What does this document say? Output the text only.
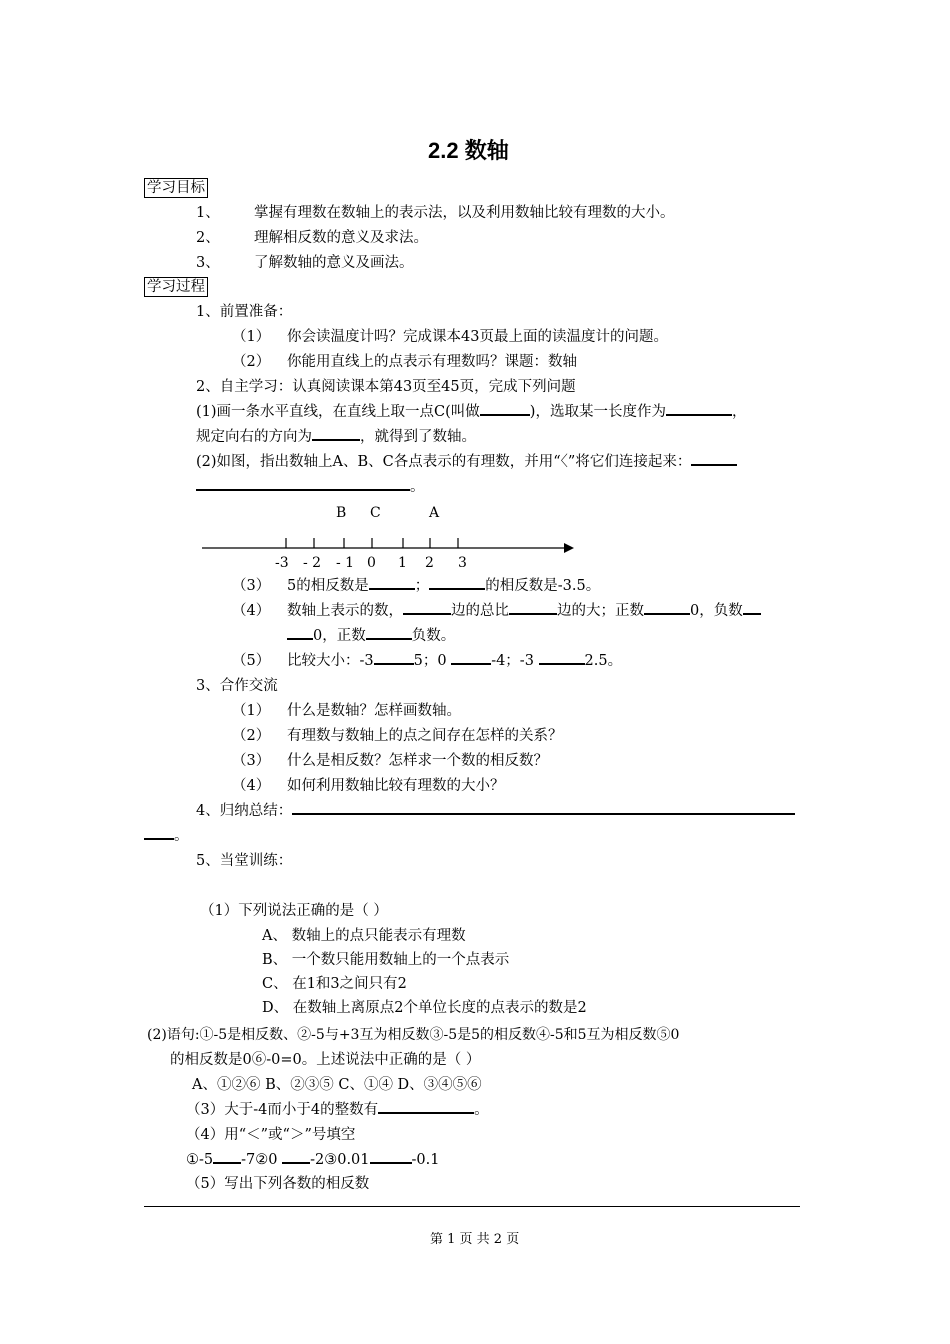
2.2 数轴
学习目标
1、 掌握有理数在数轴上的表示法，以及利用数轴比较有理数的大小。
2、 理解相反数的意义及求法。
3、 了解数轴的意义及画法。
学习过程
1、前置准备：
（1） 你会读温度计吗？完成课本43页最上面的读温度计的问题。
（2） 你能用直线上的点表示有理数吗？课题：数轴
2、自主学习：认真阅读课本第43页至45页，完成下列问题
(1)画一条水平直线，在直线上取一点C(叫做	)，选取某一长度作为	，
规定向右的方向为	，就得到了数轴。
(2)如图，指出数轴上A、B、C各点表示的有理数，并用“〈”将它们连接起来：
。
B C	A
-3 - 2 - 1 0 1 2 3
（3） 5的相反数是	；	的相反数是-3.5。
（4） 数轴上表示的数，	边的总比	边的大；正数	0，负数
0，正数	负数。
（5） 比较大小：-3	5；0	-4；-3	2.5。
3、合作交流
（1） 什么是数轴？怎样画数轴。
（2） 有理数与数轴上的点之间存在怎样的关系？
（3） 什么是相反数？怎样求一个数的相反数？
（4） 如何利用数轴比较有理数的大小？
4、归纳总结：
。
5、当堂训练：
（1）下列说法正确的是（ ）
A、 数轴上的点只能表示有理数
B、 一个数只能用数轴上的一个点表示
C、 在1和3之间只有2
D、 在数轴上离原点2个单位长度的点表示的数是2
(2)语句:①-5是相反数、②-5与+3互为相反数③-5是5的相反数④-5和5互为相反数⑤0
的相反数是0⑥-0=0。上述说法中正确的是（ ）
A、①②⑥ B、②③⑤ C、①④ D、③④⑤⑥
（3）大于-4而小于4的整数有	。
（4）用“＜”或“＞”号填空
①-5 -7②0 -2③0.01	-0.1
（5）写出下列各数的相反数
第 1 页 共 2 页
